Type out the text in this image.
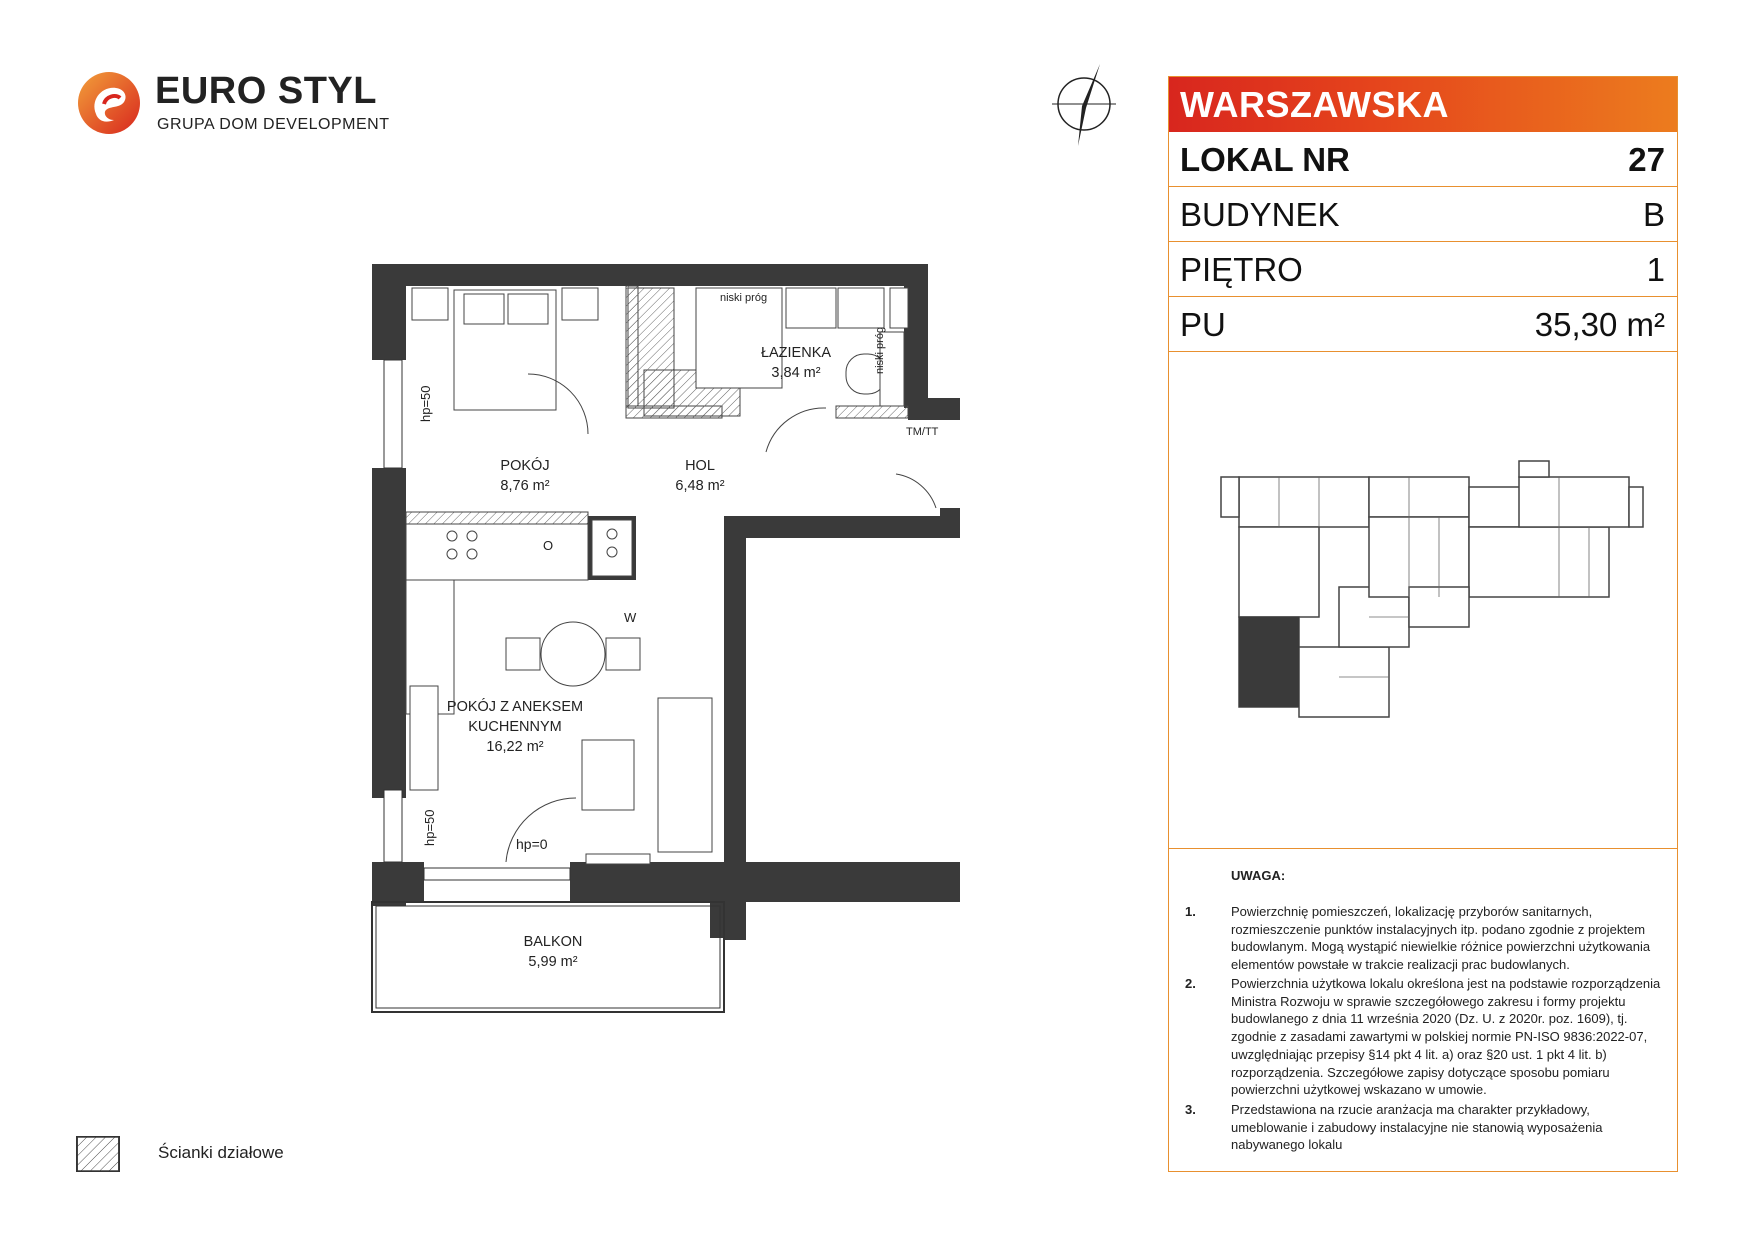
EURO STYL
GRUPA DOM DEVELOPMENT
POKÓJ
8,76 m²
HOL
6,48 m²
ŁAZIENKA
3,84 m²
POKÓJ Z ANEKSEM
KUCHENNYM
16,22 m²
BALKON
5,99 m²
niski próg
niski próg
TM/TT
hp=50
hp=50	hp=0
W
O
WARSZAWSKA
LOKAL NR	27
BUDYNEK	B
PIĘTRO	1
PU	35,30 m²
UWAGA:
1.	Powierzchnię pomieszczeń, lokalizację przyborów sanitarnych, rozmieszczenie punktów instalacyjnych itp. podano zgodnie z projektem budowlanym. Mogą wystąpić niewielkie różnice powierzchni użytkowania elementów powstałe w trakcie realizacji prac budowlanych.
2.	Powierzchnia użytkowa lokalu określona jest na podstawie rozporządzenia Ministra Rozwoju w sprawie szczegółowego zakresu i formy projektu budowlanego z dnia 11 września 2020 (Dz. U. z 2020r. poz. 1609), tj. zgodnie z zasadami zawartymi w polskiej normie PN-ISO 9836:2022-07, uwzględniając przepisy §14 pkt 4 lit. a) oraz §20 ust. 1 pkt 4 lit. b) rozporządzenia. Szczegółowe zapisy dotyczące sposobu pomiaru powierzchni użytkowej wskazano w umowie.
3.	Przedstawiona na rzucie aranżacja ma charakter przykładowy, umeblowanie i zabudowy instalacyjne nie stanowią wyposażenia nabywanego lokalu
Ścianki działowe
